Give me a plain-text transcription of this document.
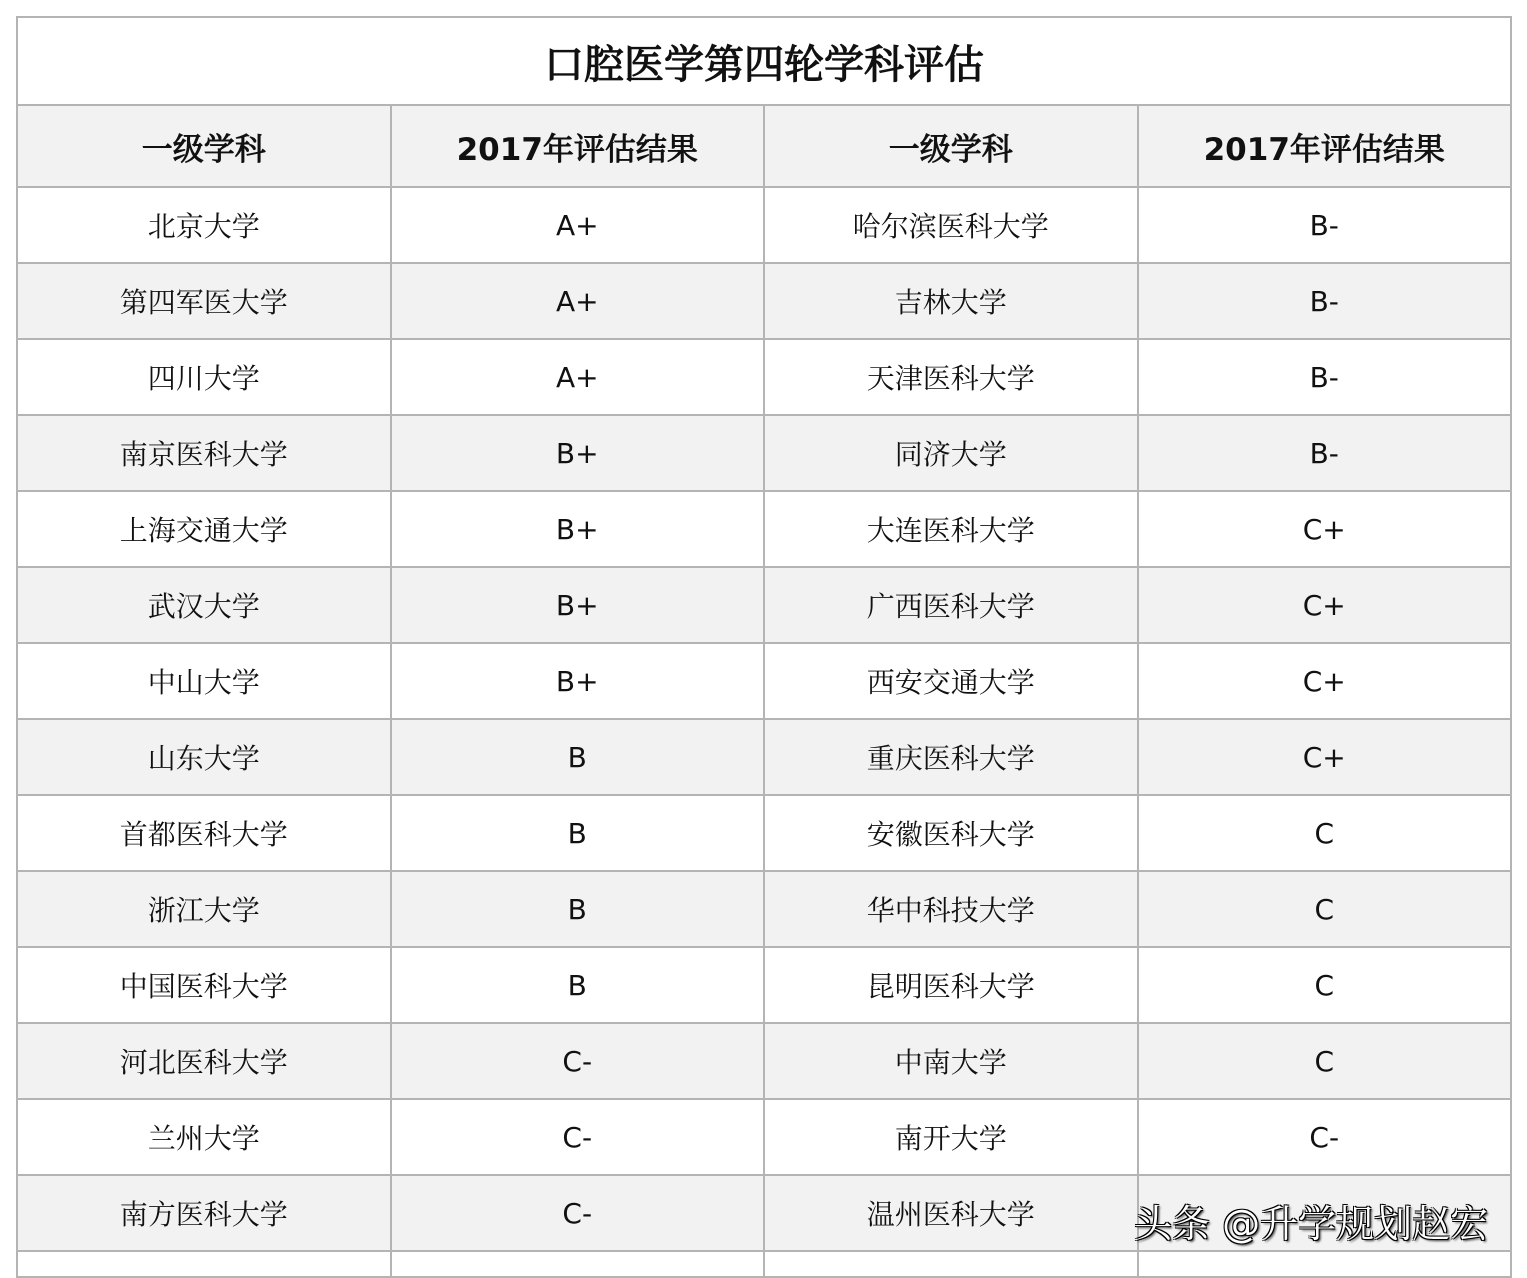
口腔医学第四轮学科评估			
一级学科	2017年评估结果	一级学科	2017年评估结果
北京大学	A+	哈尔滨医科大学	B-
第四军医大学	A+	吉林大学	B-
四川大学	A+	天津医科大学	B-
南京医科大学	B+	同济大学	B-
上海交通大学	B+	大连医科大学	C+
武汉大学	B+	广西医科大学	C+
中山大学	B+	西安交通大学	C+
山东大学	B	重庆医科大学	C+
首都医科大学	B	安徽医科大学	C
浙江大学	B	华中科技大学	C
中国医科大学	B	昆明医科大学	C
河北医科大学	C-	中南大学	C
兰州大学	C-	南开大学	C-
南方医科大学	C-	温州医科大学	
				头条 @升学规划赵宏
